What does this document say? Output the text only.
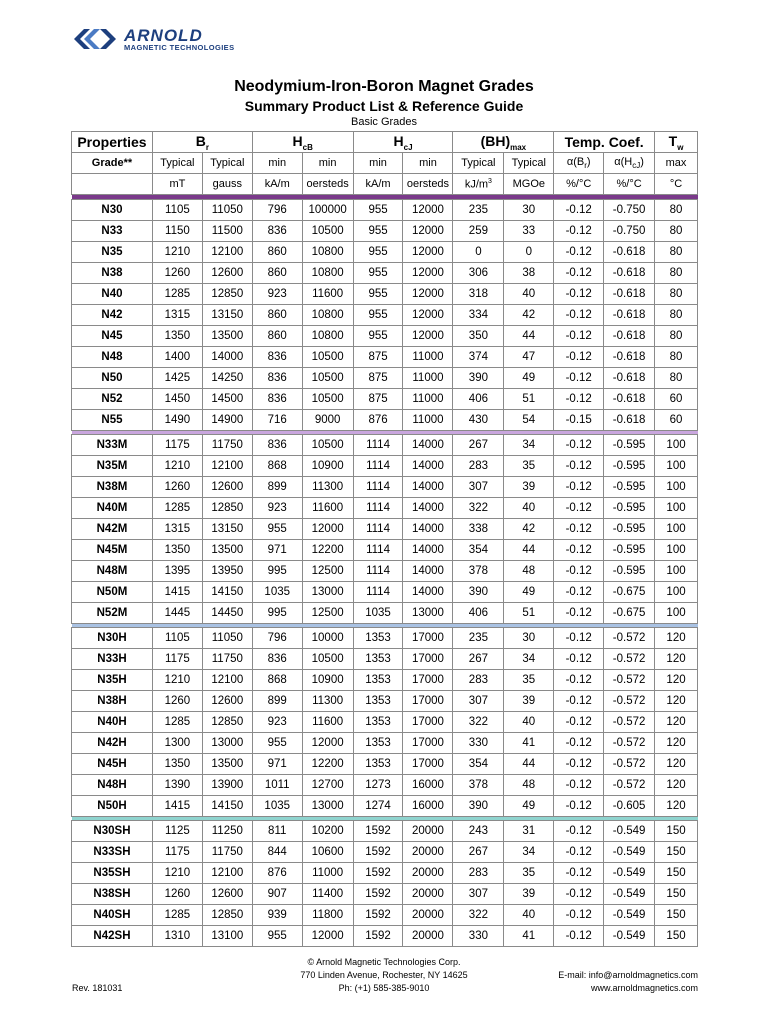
ARNOLD
MAGNETIC TECHNOLOGIES
Neodymium-Iron-Boron Magnet Grades
Summary Product List & Reference Guide
Basic Grades
Properties	$B_r$		$H_{cB}$		$H_{cJ}$		$(BH)_{max}$		Temp. Coef.		$T_w$
Grade**	Typical	Typical	min	min	min	min	Typical	Typical	$\alpha(B_r)$	$\alpha(H_{cJ})$	max
	mT	gauss	kA/m	oersteds	kA/m	oersteds	$kJ/m^3$	MGOe	%/°C	%/°C	°C

N30	1105	11050	796	100000	955	12000	235	30	-0.12	-0.750	80
N33	1150	11500	836	10500	955	12000	259	33	-0.12	-0.750	80
N35	1210	12100	860	10800	955	12000	0	0	-0.12	-0.618	80
N38	1260	12600	860	10800	955	12000	306	38	-0.12	-0.618	80
N40	1285	12850	923	11600	955	12000	318	40	-0.12	-0.618	80
N42	1315	13150	860	10800	955	12000	334	42	-0.12	-0.618	80
N45	1350	13500	860	10800	955	12000	350	44	-0.12	-0.618	80
N48	1400	14000	836	10500	875	11000	374	47	-0.12	-0.618	80
N50	1425	14250	836	10500	875	11000	390	49	-0.12	-0.618	80
N52	1450	14500	836	10500	875	11000	406	51	-0.12	-0.618	60
N55	1490	14900	716	9000	876	11000	430	54	-0.15	-0.618	60

N33M	1175	11750	836	10500	1114	14000	267	34	-0.12	-0.595	100
N35M	1210	12100	868	10900	1114	14000	283	35	-0.12	-0.595	100
N38M	1260	12600	899	11300	1114	14000	307	39	-0.12	-0.595	100
N40M	1285	12850	923	11600	1114	14000	322	40	-0.12	-0.595	100
N42M	1315	13150	955	12000	1114	14000	338	42	-0.12	-0.595	100
N45M	1350	13500	971	12200	1114	14000	354	44	-0.12	-0.595	100
N48M	1395	13950	995	12500	1114	14000	378	48	-0.12	-0.595	100
N50M	1415	14150	1035	13000	1114	14000	390	49	-0.12	-0.675	100
N52M	1445	14450	995	12500	1035	13000	406	51	-0.12	-0.675	100

N30H	1105	11050	796	10000	1353	17000	235	30	-0.12	-0.572	120
N33H	1175	11750	836	10500	1353	17000	267	34	-0.12	-0.572	120
N35H	1210	12100	868	10900	1353	17000	283	35	-0.12	-0.572	120
N38H	1260	12600	899	11300	1353	17000	307	39	-0.12	-0.572	120
N40H	1285	12850	923	11600	1353	17000	322	40	-0.12	-0.572	120
N42H	1300	13000	955	12000	1353	17000	330	41	-0.12	-0.572	120
N45H	1350	13500	971	12200	1353	17000	354	44	-0.12	-0.572	120
N48H	1390	13900	1011	12700	1273	16000	378	48	-0.12	-0.572	120
N50H	1415	14150	1035	13000	1274	16000	390	49	-0.12	-0.605	120

N30SH	1125	11250	811	10200	1592	20000	243	31	-0.12	-0.549	150
N33SH	1175	11750	844	10600	1592	20000	267	34	-0.12	-0.549	150
N35SH	1210	12100	876	11000	1592	20000	283	35	-0.12	-0.549	150
N38SH	1260	12600	907	11400	1592	20000	307	39	-0.12	-0.549	150
N40SH	1285	12850	939	11800	1592	20000	322	40	-0.12	-0.549	150
N42SH	1310	13100	955	12000	1592	20000	330	41	-0.12	-0.549	150
© Arnold Magnetic Technologies Corp.
770 Linden Avenue, Rochester, NY 14625
Ph: (+1) 585-385-9010
E-mail: info@arnoldmagnetics.com
www.arnoldmagnetics.com
Rev. 181031
